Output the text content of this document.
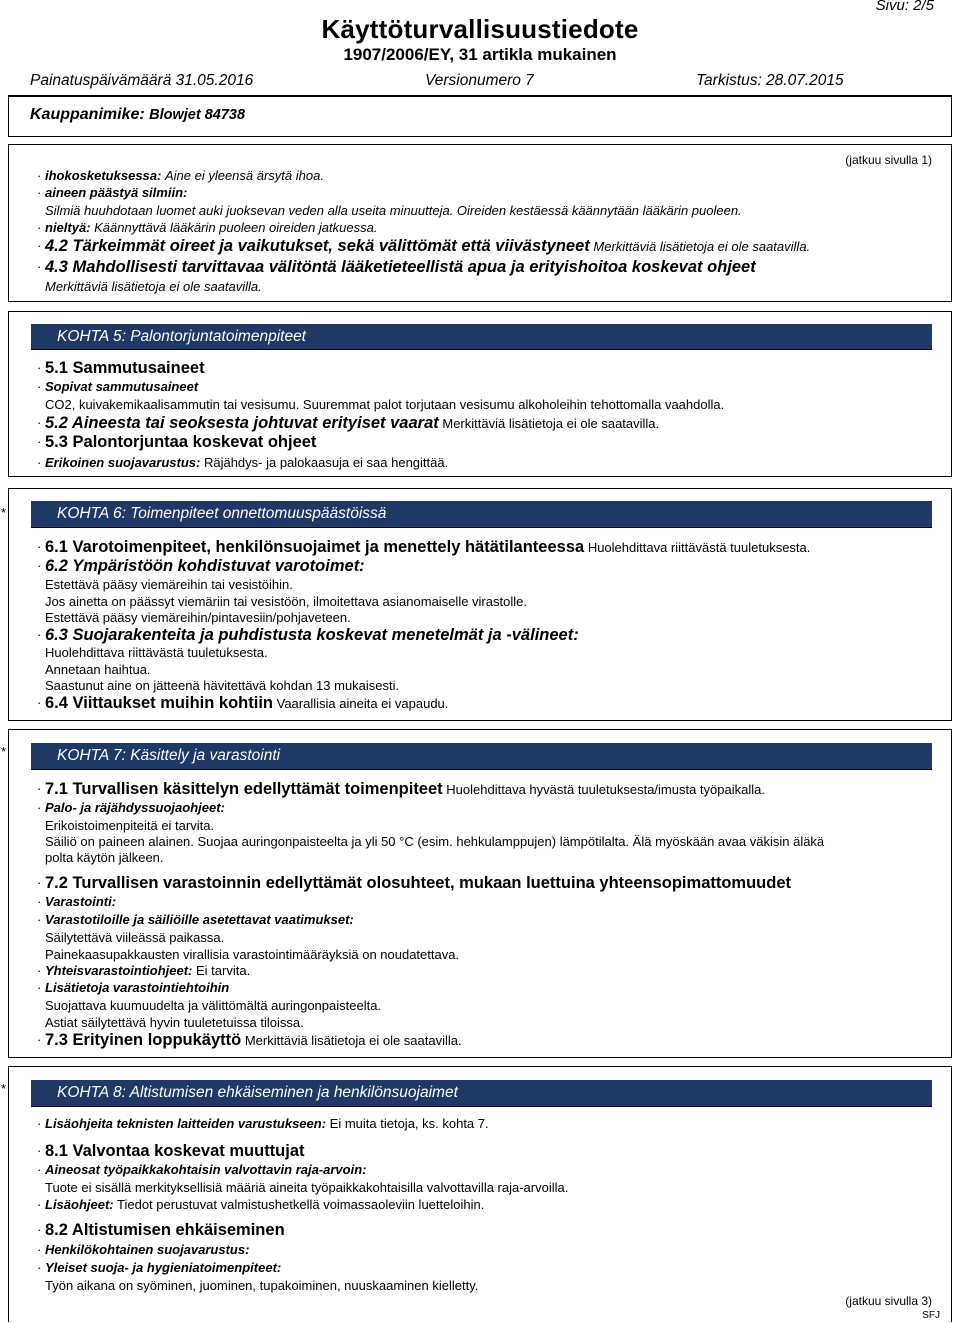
Sivu: 2/5
Käyttöturvallisuustiedote
1907/2006/EY, 31 artikla mukainen
Painatuspäivämäärä 31.05.2016	Versionumero 7	Tarkistus: 28.07.2015
Kauppanimike: Blowjet 84738
(jatkuu sivulla 1)
· ihokosketuksessa: Aine ei yleensä ärsytä ihoa.
· aineen päästyä silmiin:
Silmiä huuhdotaan luomet auki juoksevan veden alla useita minuutteja. Oireiden kestäessä käännytään lääkärin puoleen.
· nieltyä: Käännyttävä lääkärin puoleen oireiden jatkuessa.
· 4.2 Tärkeimmät oireet ja vaikutukset, sekä välittömät että viivästyneet Merkittäviä lisätietoja ei ole saatavilla.
· 4.3 Mahdollisesti tarvittavaa välitöntä lääketieteellistä apua ja erityishoitoa koskevat ohjeet
Merkittäviä lisätietoja ei ole saatavilla.
KOHTA 5: Palontorjuntatoimenpiteet
· 5.1 Sammutusaineet
· Sopivat sammutusaineet
CO2, kuivakemikaalisammutin tai vesisumu. Suuremmat palot torjutaan vesisumu alkoholeihin tehottomalla vaahdolla.
· 5.2 Aineesta tai seoksesta johtuvat erityiset vaarat Merkittäviä lisätietoja ei ole saatavilla.
· 5.3 Palontorjuntaa koskevat ohjeet
· Erikoinen suojavarustus: Räjähdys- ja palokaasuja ei saa hengittää.
*	KOHTA 6: Toimenpiteet onnettomuuspäästöissä
· 6.1 Varotoimenpiteet, henkilönsuojaimet ja menettely hätätilanteessa Huolehdittava riittävästä tuuletuksesta.
· 6.2 Ympäristöön kohdistuvat varotoimet:
Estettävä pääsy viemäreihin tai vesistöihin.
Jos ainetta on päässyt viemäriin tai vesistöön, ilmoitettava asianomaiselle virastolle.
Estettävä pääsy viemäreihin/pintavesiin/pohjaveteen.
· 6.3 Suojarakenteita ja puhdistusta koskevat menetelmät ja -välineet:
Huolehdittava riittävästä tuuletuksesta.
Annetaan haihtua.
Saastunut aine on jätteenä hävitettävä kohdan 13 mukaisesti.
· 6.4 Viittaukset muihin kohtiin Vaarallisia aineita ei vapaudu.
*	KOHTA 7: Käsittely ja varastointi
· 7.1 Turvallisen käsittelyn edellyttämät toimenpiteet Huolehdittava hyvästä tuuletuksesta/imusta työpaikalla.
· Palo- ja räjähdyssuojaohjeet:
Erikoistoimenpiteitä ei tarvita.
Säiliö on paineen alainen. Suojaa auringonpaisteelta ja yli 50 °C (esim. hehkulamppujen) lämpötilalta. Älä myöskään avaa väkisin äläkä
polta käytön jälkeen.
· 7.2 Turvallisen varastoinnin edellyttämät olosuhteet, mukaan luettuina yhteensopimattomuudet
· Varastointi:
· Varastotiloille ja säiliöille asetettavat vaatimukset:
Säilytettävä viileässä paikassa.
Painekaasupakkausten virallisia varastointimääräyksiä on noudatettava.
· Yhteisvarastointiohjeet: Ei tarvita.
· Lisätietoja varastointiehtoihin
Suojattava kuumuudelta ja välittömältä auringonpaisteelta.
Astiat säilytettävä hyvin tuuletetuissa tiloissa.
· 7.3 Erityinen loppukäyttö Merkittäviä lisätietoja ei ole saatavilla.
*	KOHTA 8: Altistumisen ehkäiseminen ja henkilönsuojaimet
· Lisäohjeita teknisten laitteiden varustukseen: Ei muita tietoja, ks. kohta 7.
· 8.1 Valvontaa koskevat muuttujat
· Aineosat työpaikkakohtaisin valvottavin raja-arvoin:
Tuote ei sisällä merkityksellisiä määriä aineita työpaikkakohtaisilla valvottavilla raja-arvoilla.
· Lisäohjeet: Tiedot perustuvat valmistushetkellä voimassaoleviin luetteloihin.
· 8.2 Altistumisen ehkäiseminen
· Henkilökohtainen suojavarustus:
· Yleiset suoja- ja hygieniatoimenpiteet:
Työn aikana on syöminen, juominen, tupakoiminen, nuuskaaminen kielletty.
(jatkuu sivulla 3)
SFJ
